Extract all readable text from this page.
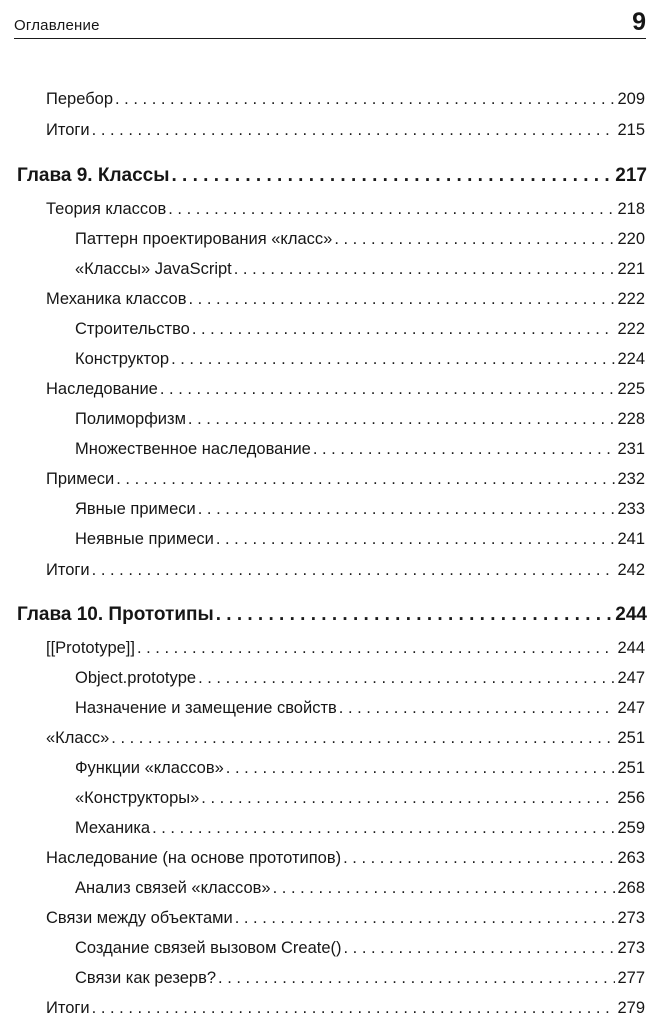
Оглавление	9
Перебор . . .	209
Итоги . . .	215
Глава 9. Классы . . .	217
Теория классов . . .	218
Паттерн проектирования «класс» . . .	220
«Классы» JavaScript . . .	221
Механика классов . . .	222
Строительство . . .	222
Конструктор . . .	224
Наследование . . .	225
Полиморфизм . . .	228
Множественное наследование . . .	231
Примеси . . .	232
Явные примеси . . .	233
Неявные примеси . . .	241
Итоги . . .	242
Глава 10. Прототипы . . .	244
[[Prototype]] . . .	244
Object.prototype . . .	247
Назначение и замещение свойств . . .	247
«Класс» . . .	251
Функции «классов» . . .	251
«Конструкторы» . . .	256
Механика . . .	259
Наследование (на основе прототипов) . . .	263
Анализ связей «классов» . . .	268
Связи между объектами . . .	273
Создание связей вызовом Create() . . .	273
Связи как резерв? . . .	277
Итоги . . .	279
